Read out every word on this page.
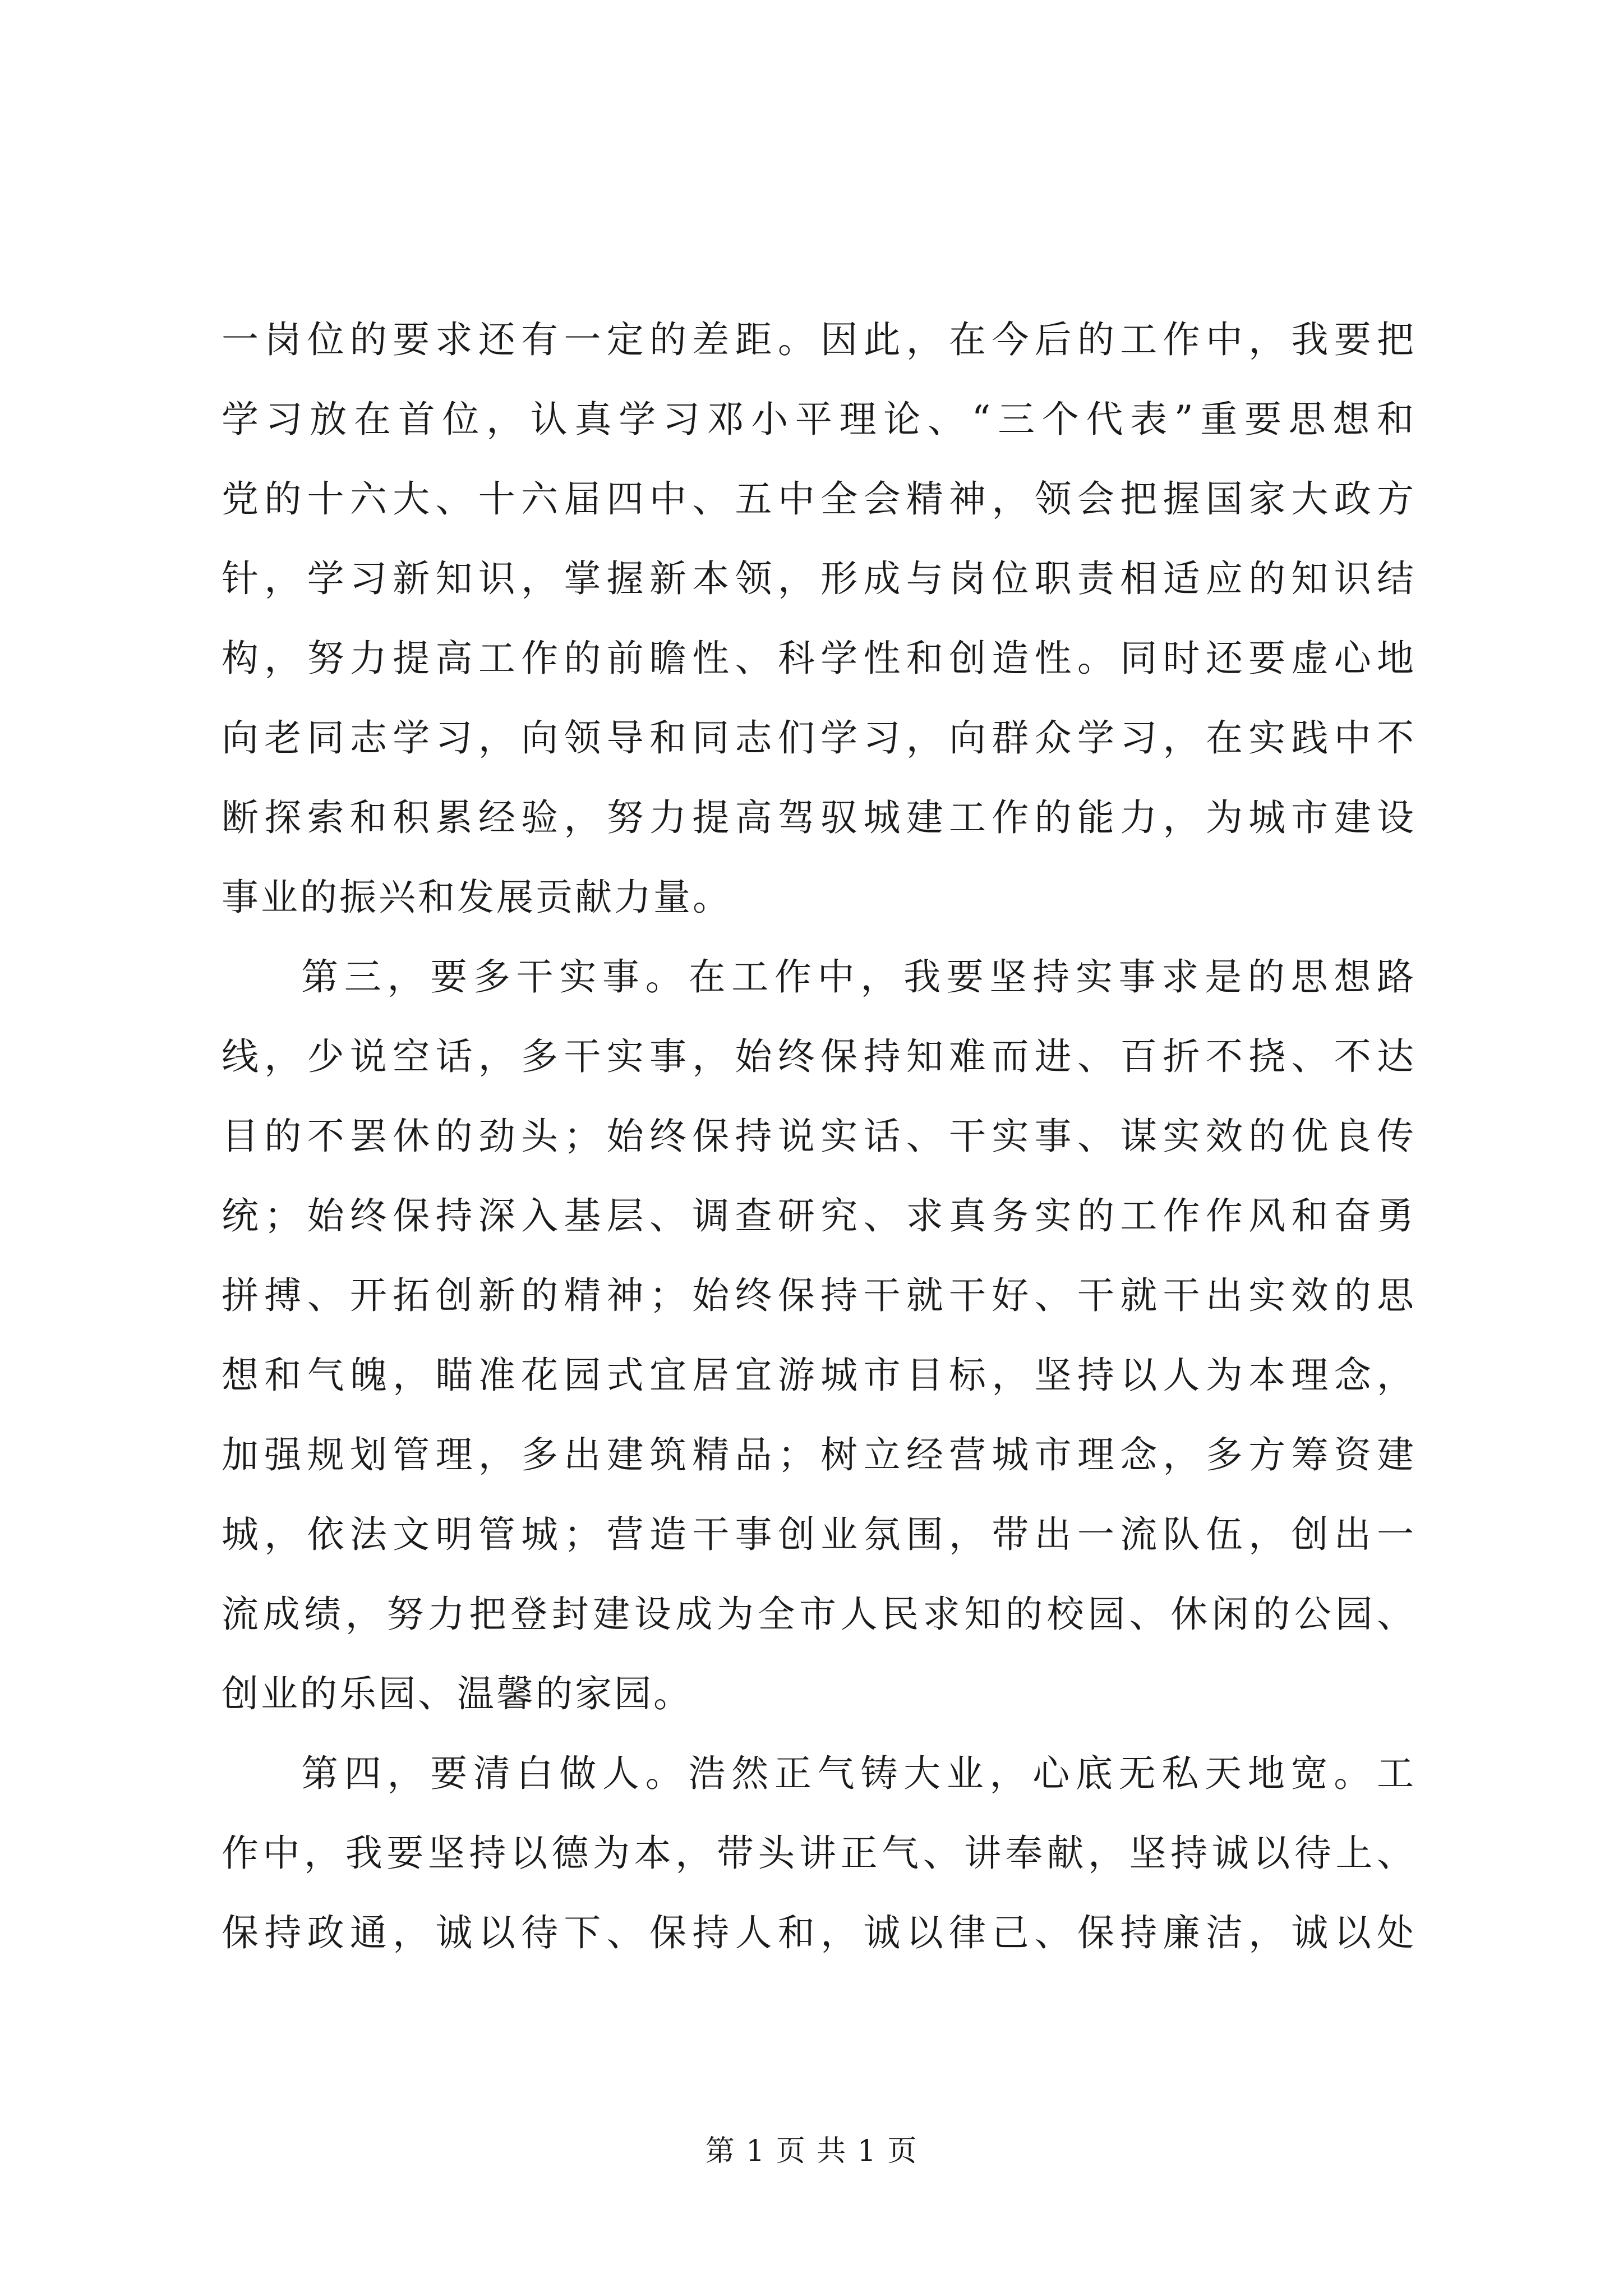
一岗位的要求还有一定的差距。因此，在今后的工作中，我要把
学习放在首位，认真学习邓小平理论、“三个代表”重要思想和
党的十六大、十六届四中、五中全会精神，领会把握国家大政方
针，学习新知识，掌握新本领，形成与岗位职责相适应的知识结
构，努力提高工作的前瞻性、科学性和创造性。同时还要虚心地
向老同志学习，向领导和同志们学习，向群众学习，在实践中不
断探索和积累经验，努力提高驾驭城建工作的能力，为城市建设
事业的振兴和发展贡献力量。
第三，要多干实事。在工作中，我要坚持实事求是的思想路
线，少说空话，多干实事，始终保持知难而进、百折不挠、不达
目的不罢休的劲头；始终保持说实话、干实事、谋实效的优良传
统；始终保持深入基层、调查研究、求真务实的工作作风和奋勇
拼搏、开拓创新的精神；始终保持干就干好、干就干出实效的思
想和气魄，瞄准花园式宜居宜游城市目标，坚持以人为本理念，
加强规划管理，多出建筑精品；树立经营城市理念，多方筹资建
城，依法文明管城；营造干事创业氛围，带出一流队伍，创出一
流成绩，努力把登封建设成为全市人民求知的校园、休闲的公园、
创业的乐园、温馨的家园。
第四，要清白做人。浩然正气铸大业，心底无私天地宽。工
作中，我要坚持以德为本，带头讲正气、讲奉献，坚持诚以待上、
保持政通，诚以待下、保持人和，诚以律己、保持廉洁，诚以处
第 1 页 共 1 页
